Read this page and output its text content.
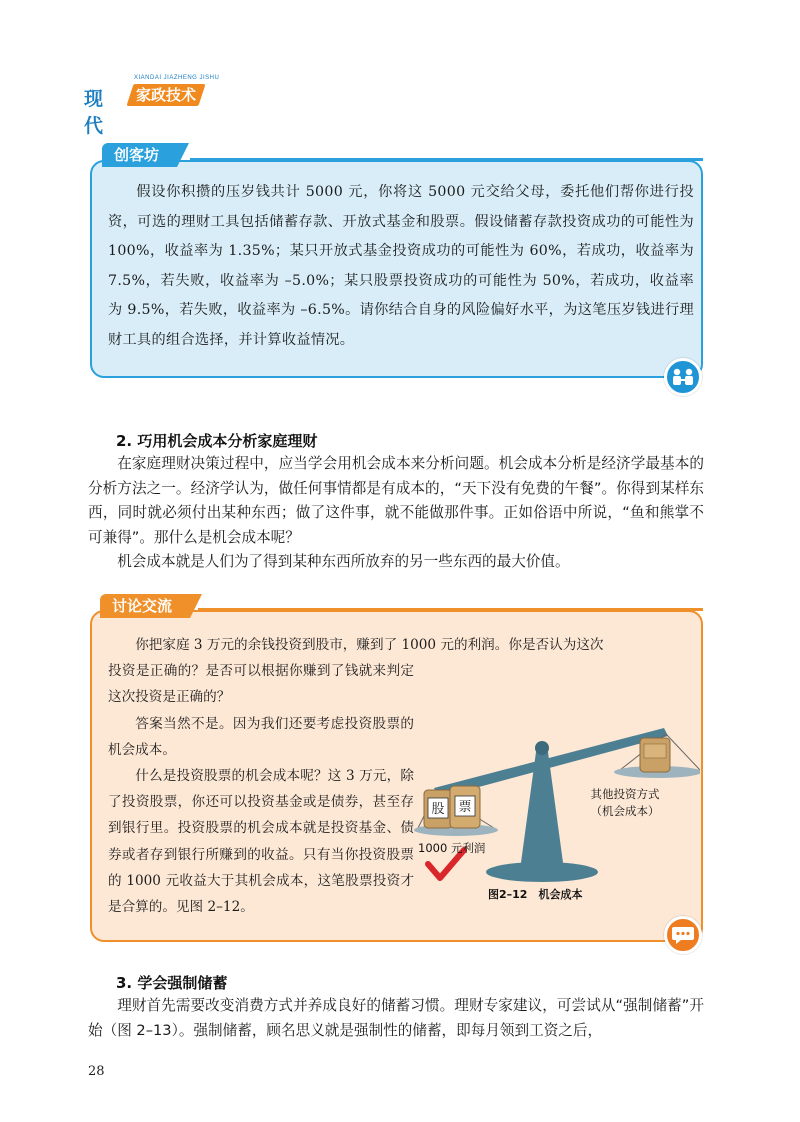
现代
XIANDAI JIAZHENG JISHU
家政技术
创客坊

假设你积攒的压岁钱共计 5000 元，你将这 5000 元交给父母，委托他们帮你进行投资，可选的理财工具包括储蓄存款、开放式基金和股票。假设储蓄存款投资成功的可能性为 100%，收益率为 1.35%；某只开放式基金投资成功的可能性为 60%，若成功，收益率为 7.5%，若失败，收益率为 –5.0%；某只股票投资成功的可能性为 50%，若成功，收益率为 9.5%，若失败，收益率为 –6.5%。请你结合自身的风险偏好水平，为这笔压岁钱进行理财工具的组合选择，并计算收益情况。

2. 巧用机会成本分析家庭理财

在家庭理财决策过程中，应当学会用机会成本来分析问题。机会成本分析是经济学最基本的分析方法之一。经济学认为，做任何事情都是有成本的，“天下没有免费的午餐”。你得到某样东西，同时就必须付出某种东西；做了这件事，就不能做那件事。正如俗语中所说，“鱼和熊掌不可兼得”。那什么是机会成本呢？

机会成本就是人们为了得到某种东西所放弃的另一些东西的最大价值。

讨论交流

你把家庭 3 万元的余钱投资到股市，赚到了 1000 元的利润。你是否认为这次

投资是正确的？是否可以根据你赚到了钱就来判定这次投资是正确的？

答案当然不是。因为我们还要考虑投资股票的机会成本。

什么是投资股票的机会成本呢？这 3 万元，除了投资股票，你还可以投资基金或是债券，甚至存到银行里。投资股票的机会成本就是投资基金、债券或者存到银行所赚到的收益。只有当你投资股票的 1000 元收益大于其机会成本，这笔股票投资才是合算的。见图 2–12。

股 票
其他投资方式
（机会成本）
1000 元利润
图2–12　机会成本
3. 学会强制储蓄

理财首先需要改变消费方式并养成良好的储蓄习惯。理财专家建议，可尝试从“强制储蓄”开始（图 2–13）。强制储蓄，顾名思义就是强制性的储蓄，即每月领到工资之后，

28
